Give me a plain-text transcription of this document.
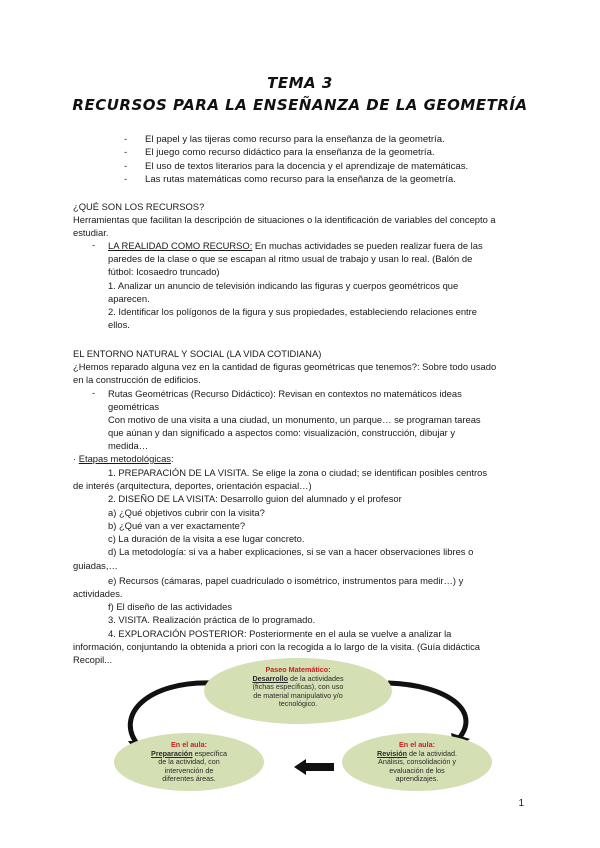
TEMA 3
RECURSOS PARA LA ENSEÑANZA DE LA GEOMETRÍA
- El papel y las tijeras como recurso para la enseñanza de la geometría.
- El juego como recurso didáctico para la enseñanza de la geometría.
- El uso de textos literarios para la docencia y el aprendizaje de matemáticas.
- Las rutas matemáticas como recurso para la enseñanza de la geometría.
¿QUÉ SON LOS RECURSOS?
Herramientas que facilitan la descripción de situaciones o la identificación de variables del concepto a
estudiar.
- LA REALIDAD COMO RECURSO: En muchas actividades se pueden realizar fuera de las
paredes de la clase o que se escapan al ritmo usual de trabajo y usan lo real. (Balón de
fútbol: Icosaedro truncado)
1. Analizar un anuncio de televisión indicando las figuras y cuerpos geométricos que
aparecen.
2. Identificar los polígonos de la figura y sus propiedades, estableciendo relaciones entre
ellos.
EL ENTORNO NATURAL Y SOCIAL (LA VIDA COTIDIANA)
¿Hemos reparado alguna vez en la cantidad de figuras geométricas que tenemos?: Sobre todo usado
en la construcción de edificios.
- Rutas Geométricas (Recurso Didáctico): Revisan en contextos no matemáticos ideas
geométricas
Con motivo de una visita a una ciudad, un monumento, un parque… se programan tareas
que aúnan y dan significado a aspectos como: visualización, construcción, dibujar y
medida…
· Etapas metodológicas:
1. PREPARACIÓN DE LA VISITA. Se elige la zona o ciudad; se identifican posibles centros
de interés (arquitectura, deportes, orientación espacial…)
2. DISEÑO DE LA VISITA: Desarrollo guion del alumnado y el profesor
a) ¿Qué objetivos cubrir con la visita?
b) ¿Qué van a ver exactamente?
c) La duración de la visita a ese lugar concreto.
d) La metodología: si va a haber explicaciones, si se van a hacer observaciones libres o
guiadas,…
e) Recursos (cámaras, papel cuadriculado o isométrico, instrumentos para medir…) y
actividades.
f) El diseño de las actividades
3. VISITA. Realización práctica de lo programado.
4. EXPLORACIÓN POSTERIOR: Posteriormente en el aula se vuelve a analizar la
información, conjuntando la obtenida a priori con la recogida a lo largo de la visita. (Guía didáctica
Recopil...
Paseo Matemático:
Desarrollo de la actividades
(fichas específicas), con uso
de material manipulativo y/o
tecnológico.
En el aula:
Preparación específica
de la actividad, con
intervención de
diferentes áreas.
En el aula:
Revisión de la actividad.
Análisis, consolidación y
evaluación de los
aprendizajes.
1
